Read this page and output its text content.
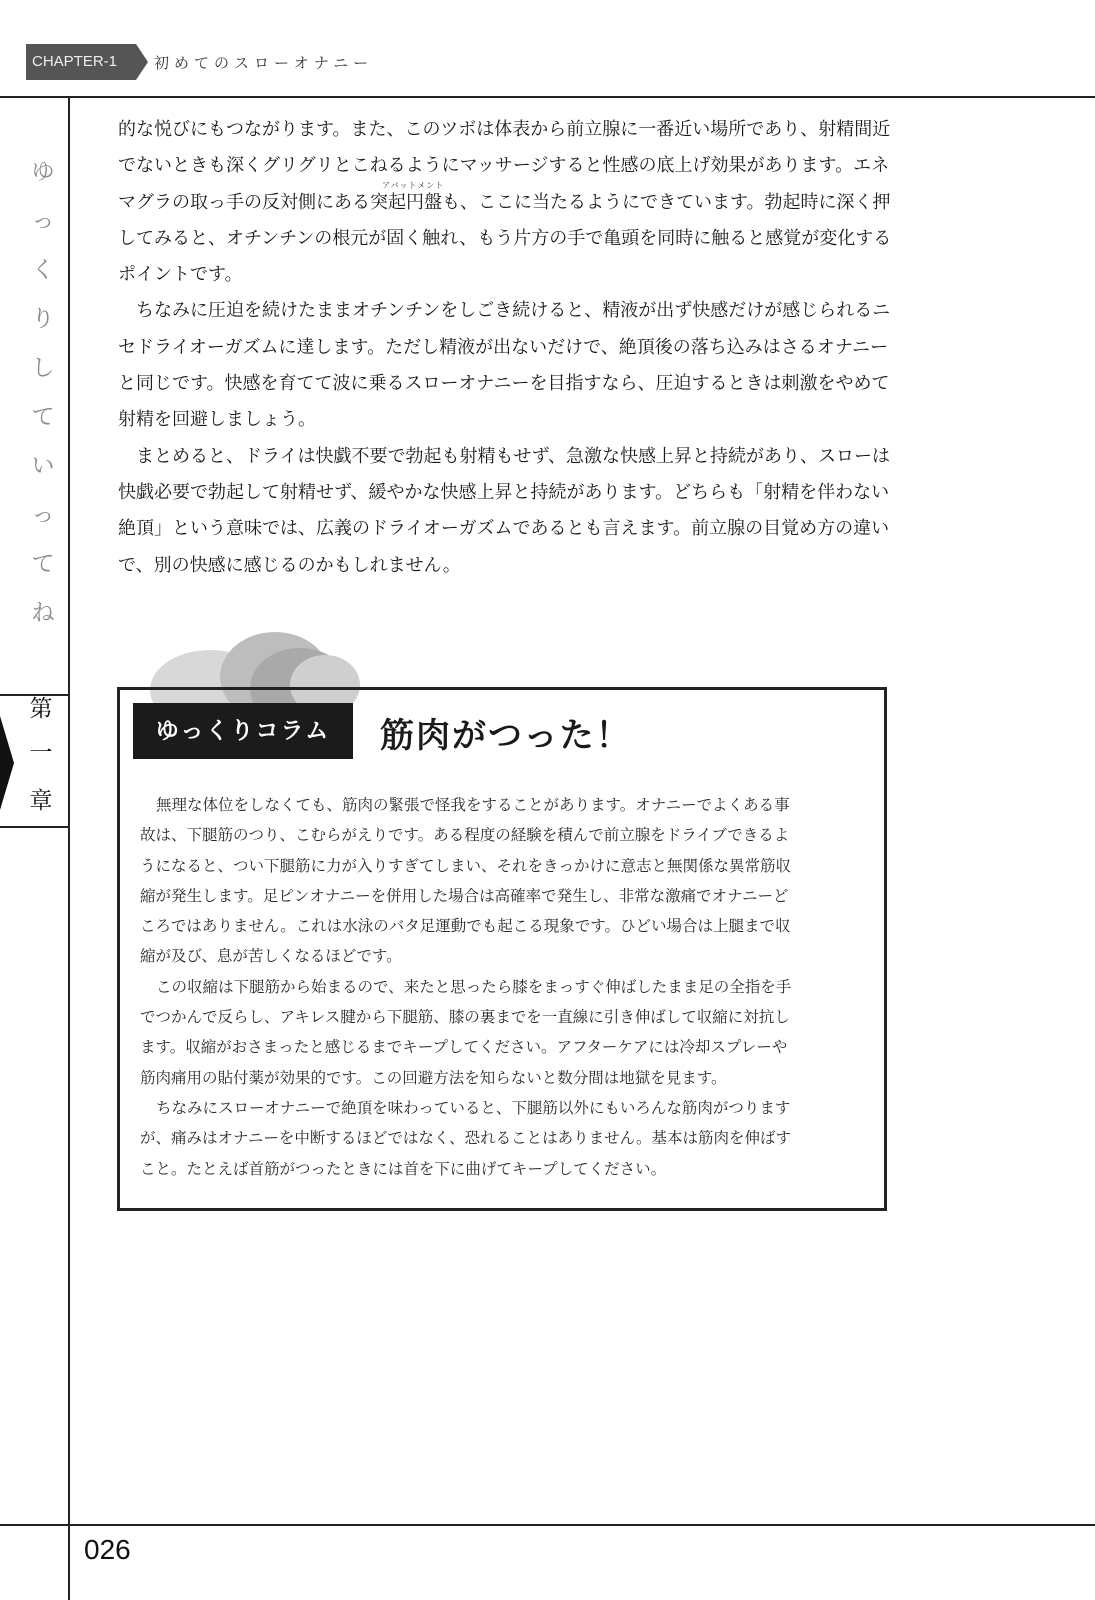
CHAPTER-1	初めてのスローオナニー
ゆ
っ
く
り
し
て
い
っ
て
ね
第
一
章

的な悦びにもつながります。また、このツボは体表から前立腺に一番近い場所であり、射精間近
でないときも深くグリグリとこねるようにマッサージすると性感の底上げ効果があります。エネ
マグラの取っ手の反対側にある突起円盤も、ここに当たるようにできています。勃起時に深く押
してみると、オチンチンの根元が固く触れ、もう片方の手で亀頭を同時に触ると感覚が変化する
ポイントです。

ちなみに圧迫を続けたままオチンチンをしごき続けると、精液が出ず快感だけが感じられるニ
セドライオーガズムに達します。ただし精液が出ないだけで、絶頂後の落ち込みはさるオナニー
と同じです。快感を育てて波に乗るスローオナニーを目指すなら、圧迫するときは刺激をやめて
射精を回避しましょう。

まとめると、ドライは快戯不要で勃起も射精もせず、急激な快感上昇と持続があり、スローは
快戯必要で勃起して射精せず、緩やかな快感上昇と持続があります。どちらも「射精を伴わない
絶頂」という意味では、広義のドライオーガズムであるとも言えます。前立腺の目覚め方の違い
で、別の快感に感じるのかもしれません。

アパットメント
ゆっくりコラム	筋肉がつった！

無理な体位をしなくても、筋肉の緊張で怪我をすることがあります。オナニーでよくある事
故は、下腿筋のつり、こむらがえりです。ある程度の経験を積んで前立腺をドライブできるよ
うになると、つい下腿筋に力が入りすぎてしまい、それをきっかけに意志と無関係な異常筋収
縮が発生します。足ピンオナニーを併用した場合は高確率で発生し、非常な激痛でオナニーど
ころではありません。これは水泳のバタ足運動でも起こる現象です。ひどい場合は上腿まで収
縮が及び、息が苦しくなるほどです。

この収縮は下腿筋から始まるので、来たと思ったら膝をまっすぐ伸ばしたまま足の全指を手
でつかんで反らし、アキレス腱から下腿筋、膝の裏までを一直線に引き伸ばして収縮に対抗し
ます。収縮がおさまったと感じるまでキープしてください。アフターケアには冷却スプレーや
筋肉痛用の貼付薬が効果的です。この回避方法を知らないと数分間は地獄を見ます。

ちなみにスローオナニーで絶頂を味わっていると、下腿筋以外にもいろんな筋肉がつります
が、痛みはオナニーを中断するほどではなく、恐れることはありません。基本は筋肉を伸ばす
こと。たとえば首筋がつったときには首を下に曲げてキープしてください。

026
